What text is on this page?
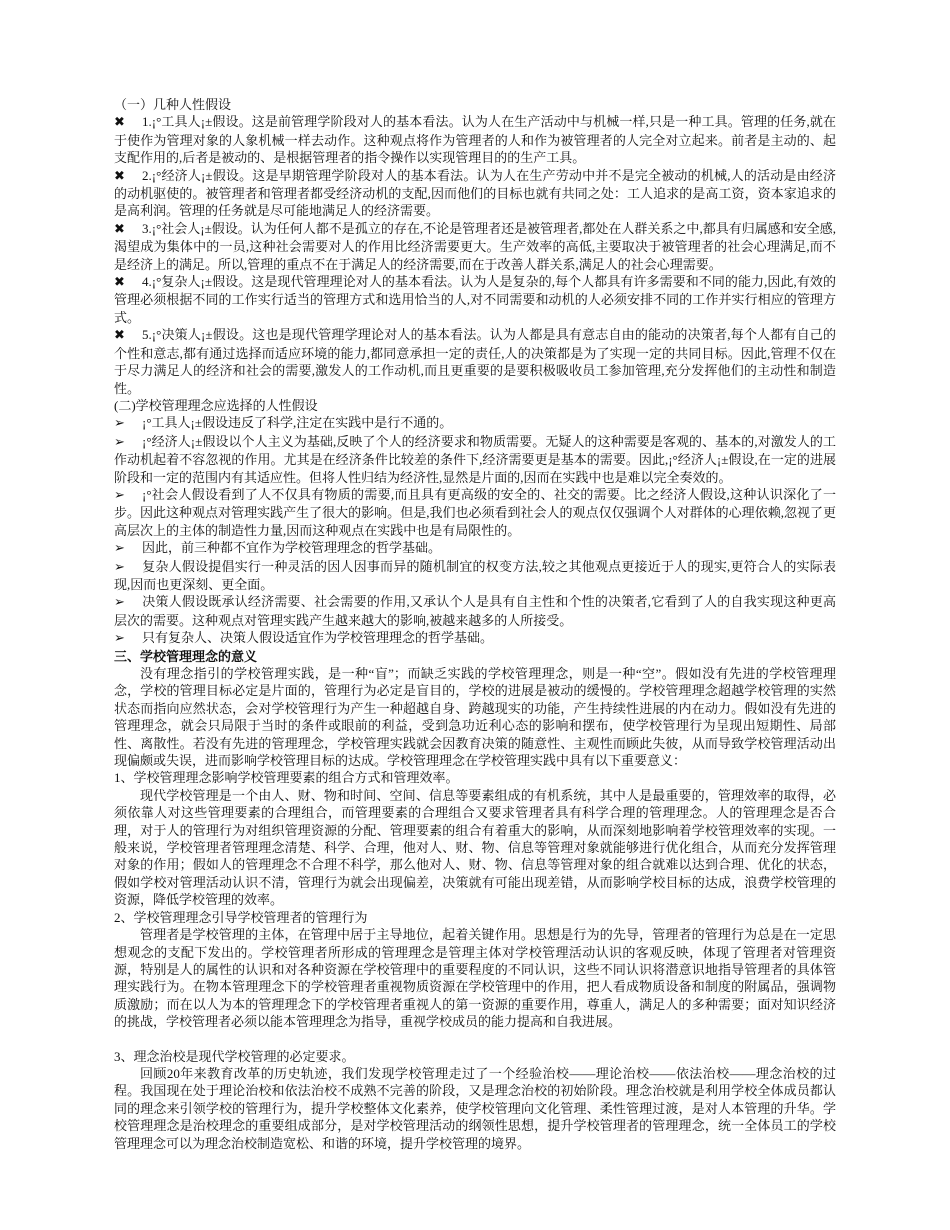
（一）几种人性假设

✖ 1.¡°工具人¡±假设。这是前管理学阶段对人的基本看法。认为人在生产活动中与机械一样,只是一种工具。管理的任务,就在于使作为管理对象的人象机械一样去动作。这种观点将作为管理者的人和作为被管理者的人完全对立起来。前者是主动的、起支配作用的,后者是被动的、是根据管理者的指令操作以实现管理目的的生产工具。

✖ 2.¡°经济人¡±假设。这是早期管理学阶段对人的基本看法。认为人在生产劳动中并不是完全被动的机械,人的活动是由经济的动机驱使的。被管理者和管理者都受经济动机的支配,因而他们的目标也就有共同之处：工人追求的是高工资，资本家追求的是高利润。管理的任务就是尽可能地满足人的经济需要。

✖ 3.¡°社会人¡±假设。认为任何人都不是孤立的存在,不论是管理者还是被管理者,都处在人群关系之中,都具有归属感和安全感,渴望成为集体中的一员,这种社会需要对人的作用比经济需要更大。生产效率的高低,主要取决于被管理者的社会心理满足,而不是经济上的满足。所以,管理的重点不在于满足人的经济需要,而在于改善人群关系,满足人的社会心理需要。

✖ 4.¡°复杂人¡±假设。这是现代管理理论对人的基本看法。认为人是复杂的,每个人都具有许多需要和不同的能力,因此,有效的管理必须根据不同的工作实行适当的管理方式和选用恰当的人,对不同需要和动机的人必须安排不同的工作并实行相应的管理方式。

✖ 5.¡°决策人¡±假设。这也是现代管理学理论对人的基本看法。认为人都是具有意志自由的能动的决策者,每个人都有自己的个性和意志,都有通过选择而适应环境的能力,都同意承担一定的责任,人的决策都是为了实现一定的共同目标。因此,管理不仅在于尽力满足人的经济和社会的需要,激发人的工作动机,而且更重要的是要积极吸收员工参加管理,充分发挥他们的主动性和制造性。

(二)学校管理理念应选择的人性假设

➢ ¡°工具人¡±假设违反了科学,注定在实践中是行不通的。

➢ ¡°经济人¡±假设以个人主义为基础,反映了个人的经济要求和物质需要。无疑人的这种需要是客观的、基本的,对激发人的工作动机起着不容忽视的作用。尤其是在经济条件比较差的条件下,经济需要更是基本的需要。因此,¡°经济人¡±假设,在一定的进展阶段和一定的范围内有其适应性。但将人性归结为经济性,显然是片面的,因而在实践中也是难以完全奏效的。

➢ ¡°社会人假设看到了人不仅具有物质的需要,而且具有更高级的安全的、社交的需要。比之经济人假设,这种认识深化了一步。因此这种观点对管理实践产生了很大的影响。但是,我们也必须看到社会人的观点仅仅强调个人对群体的心理依赖,忽视了更高层次上的主体的制造性力量,因而这种观点在实践中也是有局限性的。

➢ 因此，前三种都不宜作为学校管理理念的哲学基础。

➢ 复杂人假设提倡实行一种灵活的因人因事而异的随机制宜的权变方法,较之其他观点更接近于人的现实,更符合人的实际表现,因而也更深刻、更全面。

➢ 决策人假设既承认经济需要、社会需要的作用,又承认个人是具有自主性和个性的决策者,它看到了人的自我实现这种更高层次的需要。这种观点对管理实践产生越来越大的影响,被越来越多的人所接受。

➢ 只有复杂人、决策人假设适宜作为学校管理理念的哲学基础。

三、学校管理理念的意义

没有理念指引的学校管理实践，是一种“盲”；而缺乏实践的学校管理理念，则是一种“空”。假如没有先进的学校管理理念，学校的管理目标必定是片面的，管理行为必定是盲目的，学校的进展是被动的缓慢的。学校管理理念超越学校管理的实然状态而指向应然状态，会对学校管理行为产生一种超越自身、跨越现实的功能，产生持续性进展的内在动力。假如没有先进的管理理念，就会只局限于当时的条件或眼前的利益，受到急功近利心态的影响和摆布，使学校管理行为呈现出短期性、局部性、离散性。若没有先进的管理理念，学校管理实践就会因教育决策的随意性、主观性而顾此失彼，从而导致学校管理活动出现偏颇或失误，进而影响学校管理目标的达成。学校管理理念在学校管理实践中具有以下重要意义：

1、学校管理理念影响学校管理要素的组合方式和管理效率。

现代学校管理是一个由人、财、物和时间、空间、信息等要素组成的有机系统，其中人是最重要的，管理效率的取得，必须依靠人对这些管理要素的合理组合，而管理要素的合理组合又要求管理者具有科学合理的管理理念。人的管理理念是否合理，对于人的管理行为对组织管理资源的分配、管理要素的组合有着重大的影响，从而深刻地影响着学校管理效率的实现。一般来说，学校管理者管理理念清楚、科学、合理，他对人、财、物、信息等管理对象就能够进行优化组合，从而充分发挥管理对象的作用；假如人的管理理念不合理不科学，那么他对人、财、物、信息等管理对象的组合就难以达到合理、优化的状态，假如学校对管理活动认识不清，管理行为就会出现偏差，决策就有可能出现差错，从而影响学校目标的达成，浪费学校管理的资源，降低学校管理的效率。

2、学校管理理念引导学校管理者的管理行为

管理者是学校管理的主体，在管理中居于主导地位，起着关键作用。思想是行为的先导，管理者的管理行为总是在一定思想观念的支配下发出的。学校管理者所形成的管理理念是管理主体对学校管理活动认识的客观反映，体现了管理者对管理资源，特别是人的属性的认识和对各种资源在学校管理中的重要程度的不同认识，这些不同认识将潜意识地指导管理者的具体管理实践行为。在物本管理理念下的学校管理者重视物质资源在学校管理中的作用，把人看成物质设备和制度的附属品，强调物质激励；而在以人为本的管理理念下的学校管理者重视人的第一资源的重要作用，尊重人，满足人的多种需要；面对知识经济的挑战，学校管理者必须以能本管理理念为指导，重视学校成员的能力提高和自我进展。

3、理念治校是现代学校管理的必定要求。

回顾20年来教育改革的历史轨迹，我们发现学校管理走过了一个经验治校——理论治校——依法治校——理念治校的过程。我国现在处于理论治校和依法治校不成熟不完善的阶段，又是理念治校的初始阶段。理念治校就是利用学校全体成员都认同的理念来引领学校的管理行为，提升学校整体文化素养，使学校管理向文化管理、柔性管理过渡，是对人本管理的升华。学校管理理念是治校理念的重要组成部分，是对学校管理活动的纲领性思想，提升学校管理者的管理理念，统一全体员工的学校管理理念可以为理念治校制造宽松、和谐的环境，提升学校管理的境界。
